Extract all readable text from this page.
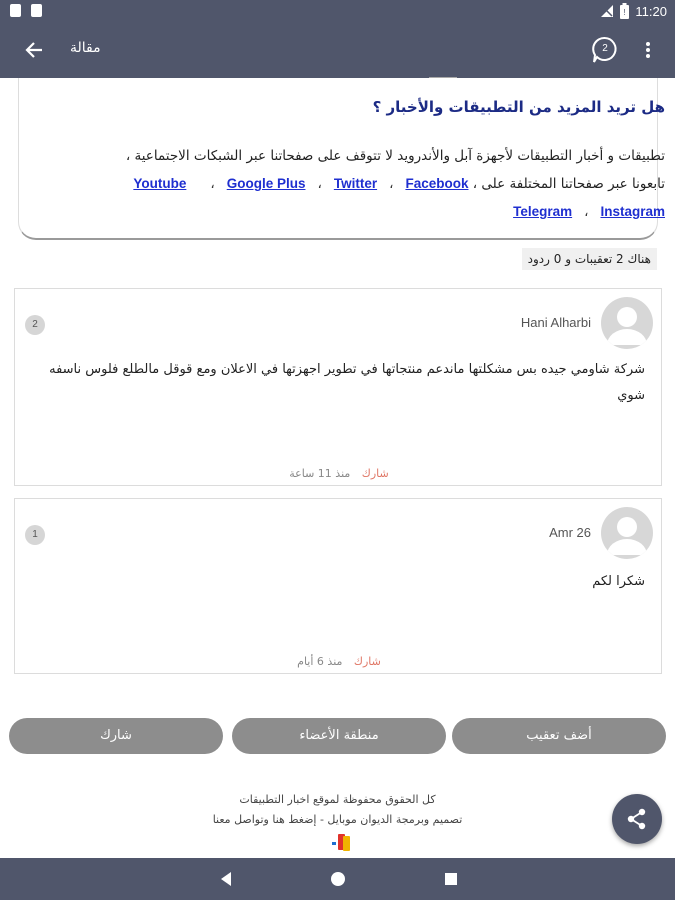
! 11:20
مقالة	2
هل تريد المزيد من التطبيقات والأخبار ؟
تطبيقات و أخبار التطبيقات لأجهزة آبل والأندرويد لا تتوقف على صفحاتنا عبر الشبكات الاجتماعية ،
تابعونا عبر صفحاتنا المختلفة على ، Youtube ، Google Plus ، Twitter ، Facebook
Telegram ، Instagram
هناك 2 تعقيبات و 0 ردود
Hani Alharbi
2
شركة شاومي جيده بس مشكلتها ماندعم منتجاتها في تطوير اجهزتها في الاعلان ومع قوقل مالطلع فلوس ناسفه شوي
شارك منذ 11 ساعة
Amr 26
1
شكرا لكم
شارك منذ 6 أيام
أضف تعقيب
منطقة الأعضاء
شارك
كل الحقوق محفوظة لموقع اخبار التطبيقات
تصميم وبرمجة الديوان موبايل - إضغط هنا وتواصل معنا
